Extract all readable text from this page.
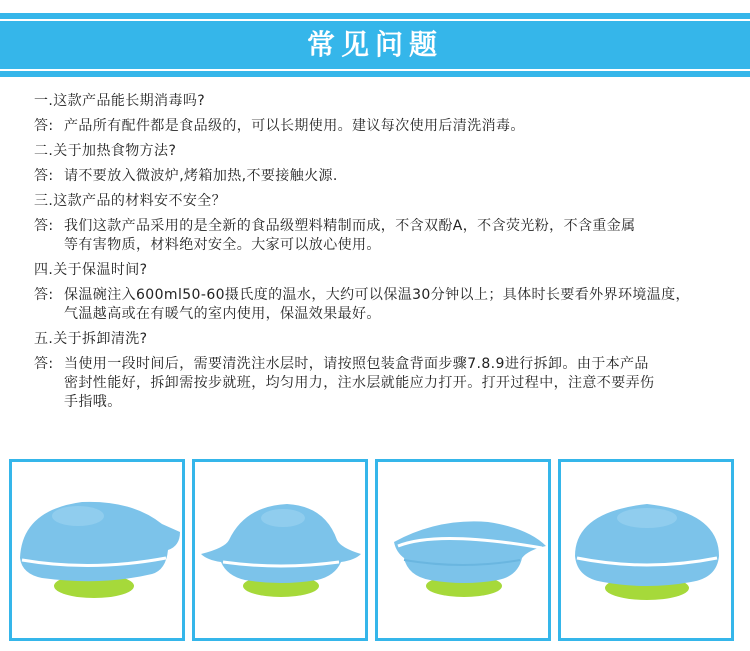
常见问题
一.这款产品能长期消毒吗?
答: 产品所有配件都是食品级的，可以长期使用。建议每次使用后清洗消毒。
二.关于加热食物方法?
答: 请不要放入微波炉,烤箱加热,不要接触火源.
三.这款产品的材料安不安全？
答: 我们这款产品采用的是全新的食品级塑料精制而成，不含双酚A，不含荧光粉，不含重金属
等有害物质，材料绝对安全。大家可以放心使用。
四.关于保温时间?
答: 保温碗注入600ml50-60摄氏度的温水，大约可以保温30分钟以上；具体时长要看外界环境温度，
气温越高或在有暖气的室内使用，保温效果最好。
五.关于拆卸清洗?
答: 当使用一段时间后，需要清洗注水层时，请按照包装盒背面步骤7.8.9进行拆卸。由于本产品
密封性能好，拆卸需按步就班，均匀用力，注水层就能应力打开。打开过程中，注意不要弄伤
手指哦。
